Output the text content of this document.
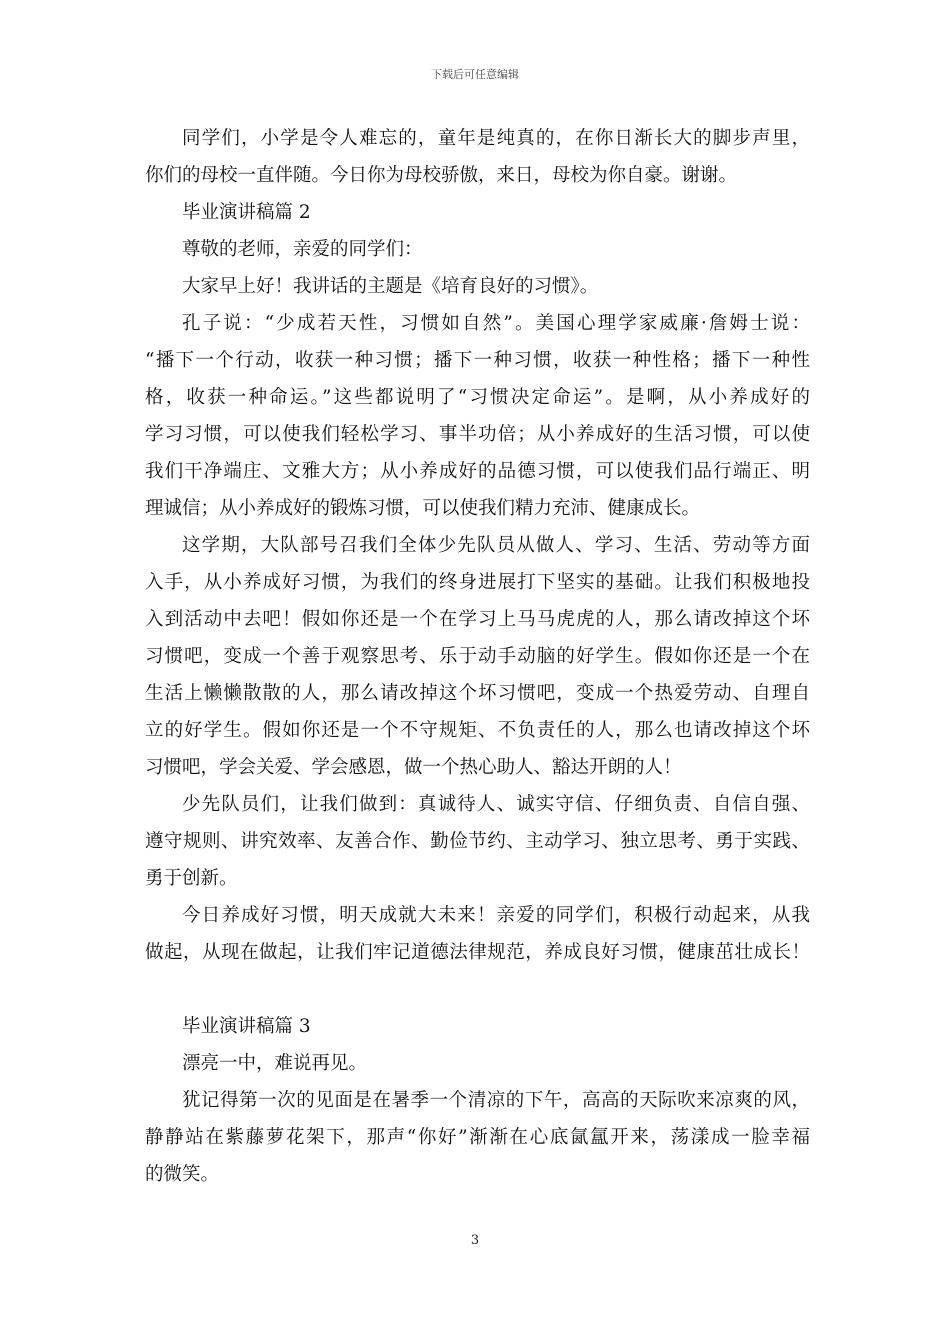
下载后可任意编辑
同学们，小学是令人难忘的，童年是纯真的，在你日渐长大的脚步声里，
你们的母校一直伴随。今日你为母校骄傲，来日，母校为你自豪。谢谢。
毕业演讲稿篇 2
尊敬的老师，亲爱的同学们：
大家早上好！我讲话的主题是《培育良好的习惯》。
孔子说：“少成若天性，习惯如自然”。美国心理学家威廉·詹姆士说：
“播下一个行动，收获一种习惯；播下一种习惯，收获一种性格；播下一种性
格，收获一种命运。”这些都说明了“习惯决定命运”。是啊，从小养成好的
学习习惯，可以使我们轻松学习、事半功倍；从小养成好的生活习惯，可以使
我们干净端庄、文雅大方；从小养成好的品德习惯，可以使我们品行端正、明
理诚信；从小养成好的锻炼习惯，可以使我们精力充沛、健康成长。
这学期，大队部号召我们全体少先队员从做人、学习、生活、劳动等方面
入手，从小养成好习惯，为我们的终身进展打下坚实的基础。让我们积极地投
入到活动中去吧！假如你还是一个在学习上马马虎虎的人，那么请改掉这个坏
习惯吧，变成一个善于观察思考、乐于动手动脑的好学生。假如你还是一个在
生活上懒懒散散的人，那么请改掉这个坏习惯吧，变成一个热爱劳动、自理自
立的好学生。假如你还是一个不守规矩、不负责任的人，那么也请改掉这个坏
习惯吧，学会关爱、学会感恩，做一个热心助人、豁达开朗的人！
少先队员们，让我们做到：真诚待人、诚实守信、仔细负责、自信自强、
遵守规则、讲究效率、友善合作、勤俭节约、主动学习、独立思考、勇于实践、
勇于创新。
今日养成好习惯，明天成就大未来！亲爱的同学们，积极行动起来，从我
做起，从现在做起，让我们牢记道德法律规范，养成良好习惯，健康茁壮成长！
毕业演讲稿篇 3
漂亮一中，难说再见。
犹记得第一次的见面是在暑季一个清凉的下午，高高的天际吹来凉爽的风，
静静站在紫藤萝花架下，那声“你好”渐渐在心底氤氲开来，荡漾成一脸幸福
的微笑。
3
